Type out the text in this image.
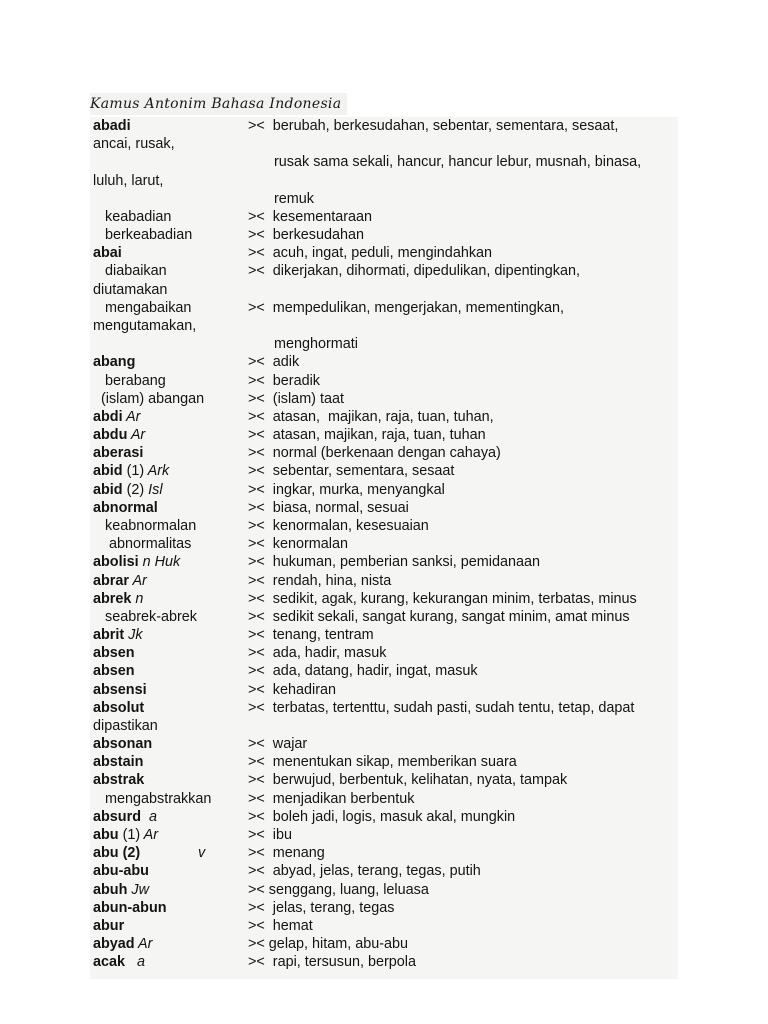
Kamus Antonim Bahasa Indonesia
abadi	><  berubah, berkesudahan, sebentar, sementara, sesaat,
ancai, rusak,
rusak sama sekali, hancur, hancur lebur, musnah, binasa,
luluh, larut,
remuk
keabadian	><  kesementaraan
berkeabadian	><  berkesudahan
abai	><  acuh, ingat, peduli, mengindahkan
diabaikan	><  dikerjakan, dihormati, dipedulikan, dipentingkan,
diutamakan
mengabaikan	><  mempedulikan, mengerjakan, mementingkan,
mengutamakan,
menghormati
abang	><  adik
berabang	><  beradik
(islam) abangan	><  (islam) taat
abdi Ar	><  atasan,  majikan, raja, tuan, tuhan,
abdu Ar	><  atasan, majikan, raja, tuan, tuhan
aberasi	><  normal (berkenaan dengan cahaya)
abid (1) Ark	><  sebentar, sementara, sesaat
abid (2) Isl	><  ingkar, murka, menyangkal
abnormal	><  biasa, normal, sesuai
keabnormalan	><  kenormalan, kesesuaian
abnormalitas	><  kenormalan
abolisi n Huk	><  hukuman, pemberian sanksi, pemidanaan
abrar Ar	><  rendah, hina, nista
abrek n	><  sedikit, agak, kurang, kekurangan minim, terbatas, minus
seabrek-abrek	><  sedikit sekali, sangat kurang, sangat minim, amat minus
abrit Jk	><  tenang, tentram
absen	><  ada, hadir, masuk
absen	><  ada, datang, hadir, ingat, masuk
absensi	><  kehadiran
absolut	><  terbatas, tertenttu, sudah pasti, sudah tentu, tetap, dapat
dipastikan
absonan	><  wajar
abstain	><  menentukan sikap, memberikan suara
abstrak	><  berwujud, berbentuk, kelihatan, nyata, tampak
mengabstrakkan	><  menjadikan berbentuk
absurd  a	><  boleh jadi, logis, masuk akal, mungkin
abu (1) Ar	><  ibu
abu (2)	v	><  menang
abu-abu	><  abyad, jelas, terang, tegas, putih
abuh Jw	>< senggang, luang, leluasa
abun-abun	><  jelas, terang, tegas
abur	><  hemat
abyad Ar	>< gelap, hitam, abu-abu
acak   a	><  rapi, tersusun, berpola
